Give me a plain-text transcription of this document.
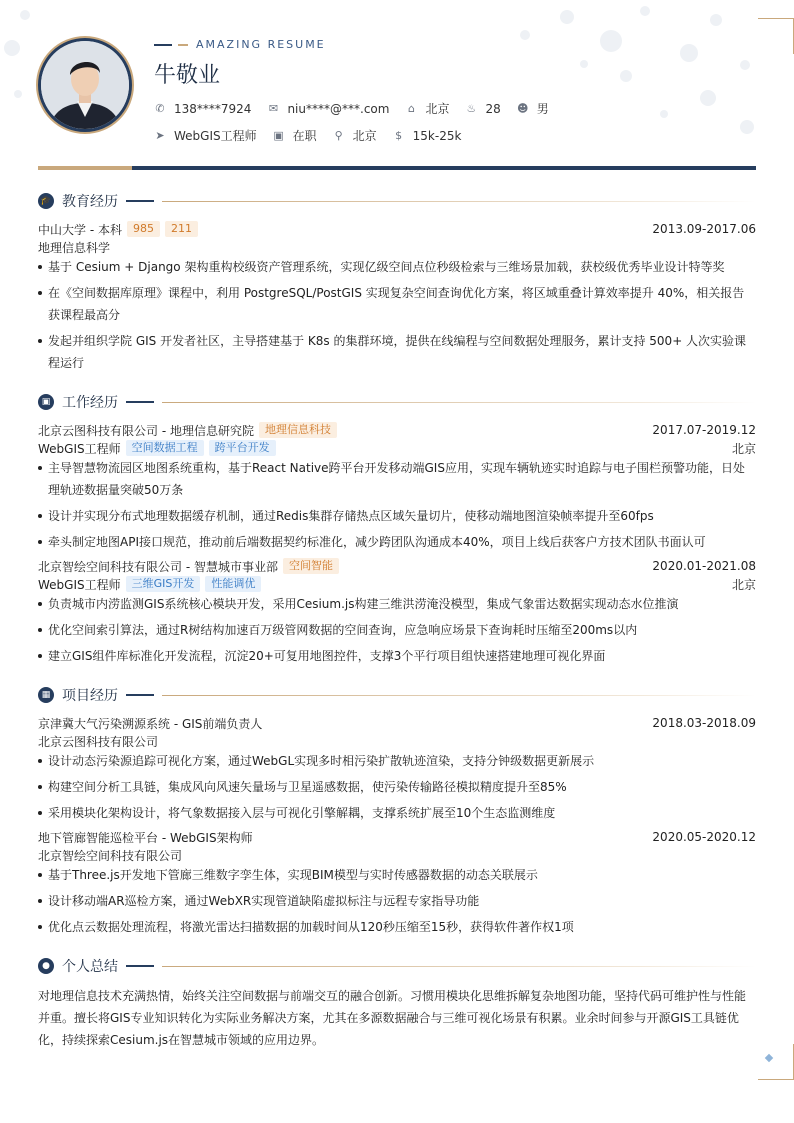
AMAZING RESUME
牛敬业
✆ 138****7924 ✉ niu****@***.com ⌂ 北京 ♨ 28 ☻ 男
➤ WebGIS工程师 ▣ 在职 ⚲ 北京 $ 15k-25k
🎓 教育经历
中山大学 - 本科	985	211	2013.09-2017.06
地理信息科学
基于 Cesium + Django 架构重构校级资产管理系统，实现亿级空间点位秒级检索与三维场景加载，获校级优秀毕业设计特等奖
在《空间数据库原理》课程中，利用 PostgreSQL/PostGIS 实现复杂空间查询优化方案，将区域重叠计算效率提升 40%，相关报告获课程最高分
发起并组织学院 GIS 开发者社区，主导搭建基于 K8s 的集群环境，提供在线编程与空间数据处理服务，累计支持 500+ 人次实验课程运行
▣ 工作经历
北京云图科技有限公司 - 地理信息研究院	地理信息科技	2017.07-2019.12
WebGIS工程师	空间数据工程	跨平台开发	北京
主导智慧物流园区地图系统重构，基于React Native跨平台开发移动端GIS应用，实现车辆轨迹实时追踪与电子围栏预警功能，日处理轨迹数据量突破50万条
设计并实现分布式地理数据缓存机制，通过Redis集群存储热点区域矢量切片，使移动端地图渲染帧率提升至60fps
牵头制定地图API接口规范，推动前后端数据契约标准化，减少跨团队沟通成本40%，项目上线后获客户方技术团队书面认可
北京智绘空间科技有限公司 - 智慧城市事业部	空间智能	2020.01-2021.08
WebGIS工程师	三维GIS开发	性能调优	北京
负责城市内涝监测GIS系统核心模块开发，采用Cesium.js构建三维洪涝淹没模型，集成气象雷达数据实现动态水位推演
优化空间索引算法，通过R树结构加速百万级管网数据的空间查询，应急响应场景下查询耗时压缩至200ms以内
建立GIS组件库标准化开发流程，沉淀20+可复用地图控件，支撑3个平行项目组快速搭建地理可视化界面
▦ 项目经历
京津冀大气污染溯源系统 - GIS前端负责人	2018.03-2018.09
北京云图科技有限公司
设计动态污染源追踪可视化方案，通过WebGL实现多时相污染扩散轨迹渲染，支持分钟级数据更新展示
构建空间分析工具链，集成风向风速矢量场与卫星遥感数据，使污染传输路径模拟精度提升至85%
采用模块化架构设计，将气象数据接入层与可视化引擎解耦，支撑系统扩展至10个生态监测维度
地下管廊智能巡检平台 - WebGIS架构师	2020.05-2020.12
北京智绘空间科技有限公司
基于Three.js开发地下管廊三维数字孪生体，实现BIM模型与实时传感器数据的动态关联展示
设计移动端AR巡检方案，通过WebXR实现管道缺陷虚拟标注与远程专家指导功能
优化点云数据处理流程，将激光雷达扫描数据的加载时间从120秒压缩至15秒，获得软件著作权1项
● 个人总结
对地理信息技术充满热情，始终关注空间数据与前端交互的融合创新。习惯用模块化思维拆解复杂地图功能，坚持代码可维护性与性能并重。擅长将GIS专业知识转化为实际业务解决方案，尤其在多源数据融合与三维可视化场景有积累。业余时间参与开源GIS工具链优化，持续探索Cesium.js在智慧城市领域的应用边界。
